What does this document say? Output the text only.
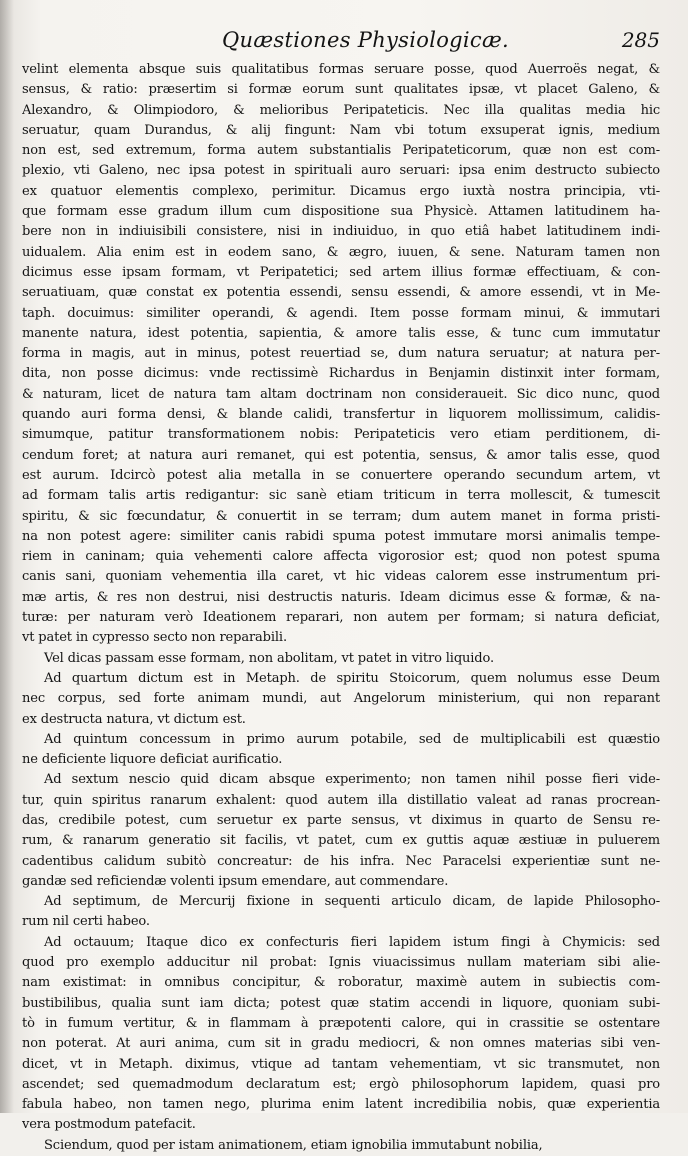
Quæstiones Physiologicæ.	285
velint elementa absque suis qualitatibus formas seruare posse, quod Auerroës negat, &
sensus, & ratio: præsertim si formæ eorum sunt qualitates ipsæ, vt placet Galeno, &
Alexandro, & Olimpiodoro, & melioribus Peripateticis. Nec illa qualitas media hic
seruatur, quam Durandus, & alij fingunt: Nam vbi totum exsuperat ignis, medium
non est, sed extremum, forma autem substantialis Peripateticorum, quæ non est com-
plexio, vti Galeno, nec ipsa potest in spirituali auro seruari: ipsa enim destructo subiecto
ex quatuor elementis complexo, perimitur. Dicamus ergo iuxtà nostra principia, vti-
que formam esse gradum illum cum dispositione sua Physicè. Attamen latitudinem ha-
bere non in indiuisibili consistere, nisi in indiuiduo, in quo etiâ habet latitudinem indi-
uidualem. Alia enim est in eodem sano, & ægro, iuuen, & sene. Naturam tamen non
dicimus esse ipsam formam, vt Peripatetici; sed artem illius formæ effectiuam, & con-
seruatiuam, quæ constat ex potentia essendi, sensu essendi, & amore essendi, vt in Me-
taph. docuimus: similiter operandi, & agendi. Item posse formam minui, & immutari
manente natura, idest potentia, sapientia, & amore talis esse, & tunc cum immutatur
forma in magis, aut in minus, potest reuertiad se, dum natura seruatur; at natura per-
dita, non posse dicimus: vnde rectissimè Richardus in Benjamin distinxit inter formam,
& naturam, licet de natura tam altam doctrinam non consideraueit. Sic dico nunc, quod
quando auri forma densi, & blande calidi, transfertur in liquorem mollissimum, calidis-
simumque, patitur transformationem nobis: Peripateticis vero etiam perditionem, di-
cendum foret; at natura auri remanet, qui est potentia, sensus, & amor talis esse, quod
est aurum. Idcircò potest alia metalla in se conuertere operando secundum artem, vt
ad formam talis artis redigantur: sic sanè etiam triticum in terra mollescit, & tumescit
spiritu, & sic fœcundatur, & conuertit in se terram; dum autem manet in forma pristi-
na non potest agere: similiter canis rabidi spuma potest immutare morsi animalis tempe-
riem in caninam; quia vehementi calore affecta vigorosior est; quod non potest spuma
canis sani, quoniam vehementia illa caret, vt hic videas calorem esse instrumentum pri-
mæ artis, & res non destrui, nisi destructis naturis. Ideam dicimus esse & formæ, & na-
turæ: per naturam verò Ideationem reparari, non autem per formam; si natura deficiat,
vt patet in cypresso secto non reparabili.
Vel dicas passam esse formam, non abolitam, vt patet in vitro liquido.
Ad quartum dictum est in Metaph. de spiritu Stoicorum, quem nolumus esse Deum
nec corpus, sed forte animam mundi, aut Angelorum ministerium, qui non reparant
ex destructa natura, vt dictum est.
Ad quintum concessum in primo aurum potabile, sed de multiplicabili est quæstio
ne deficiente liquore deficiat aurificatio.
Ad sextum nescio quid dicam absque experimento; non tamen nihil posse fieri vide-
tur, quin spiritus ranarum exhalent: quod autem illa distillatio valeat ad ranas procrean-
das, credibile potest, cum seruetur ex parte sensus, vt diximus in quarto de Sensu re-
rum, & ranarum generatio sit facilis, vt patet, cum ex guttis aquæ æstiuæ in puluerem
cadentibus calidum subitò concreatur: de his infra. Nec Paracelsi experientiæ sunt ne-
gandæ sed reficiendæ volenti ipsum emendare, aut commendare.
Ad septimum, de Mercurij fixione in sequenti articulo dicam, de lapide Philosopho-
rum nil certi habeo.
Ad octauum; Itaque dico ex confecturis fieri lapidem istum fingi à Chymicis: sed
quod pro exemplo adducitur nil probat: Ignis viuacissimus nullam materiam sibi alie-
nam existimat: in omnibus concipitur, & roboratur, maximè autem in subiectis com-
bustibilibus, qualia sunt iam dicta; potest quæ statim accendi in liquore, quoniam subi-
tò in fumum vertitur, & in flammam à præpotenti calore, qui in crassitie se ostentare
non poterat. At auri anima, cum sit in gradu mediocri, & non omnes materias sibi ven-
dicet, vt in Metaph. diximus, vtique ad tantam vehementiam, vt sic transmutet, non
ascendet; sed quemadmodum declaratum est; ergò philosophorum lapidem, quasi pro
fabula habeo, non tamen nego, plurima enim latent incredibilia nobis, quæ experientia
vera postmodum patefacit.
Sciendum, quod per istam animationem, etiam ignobilia immutabunt nobilia,
